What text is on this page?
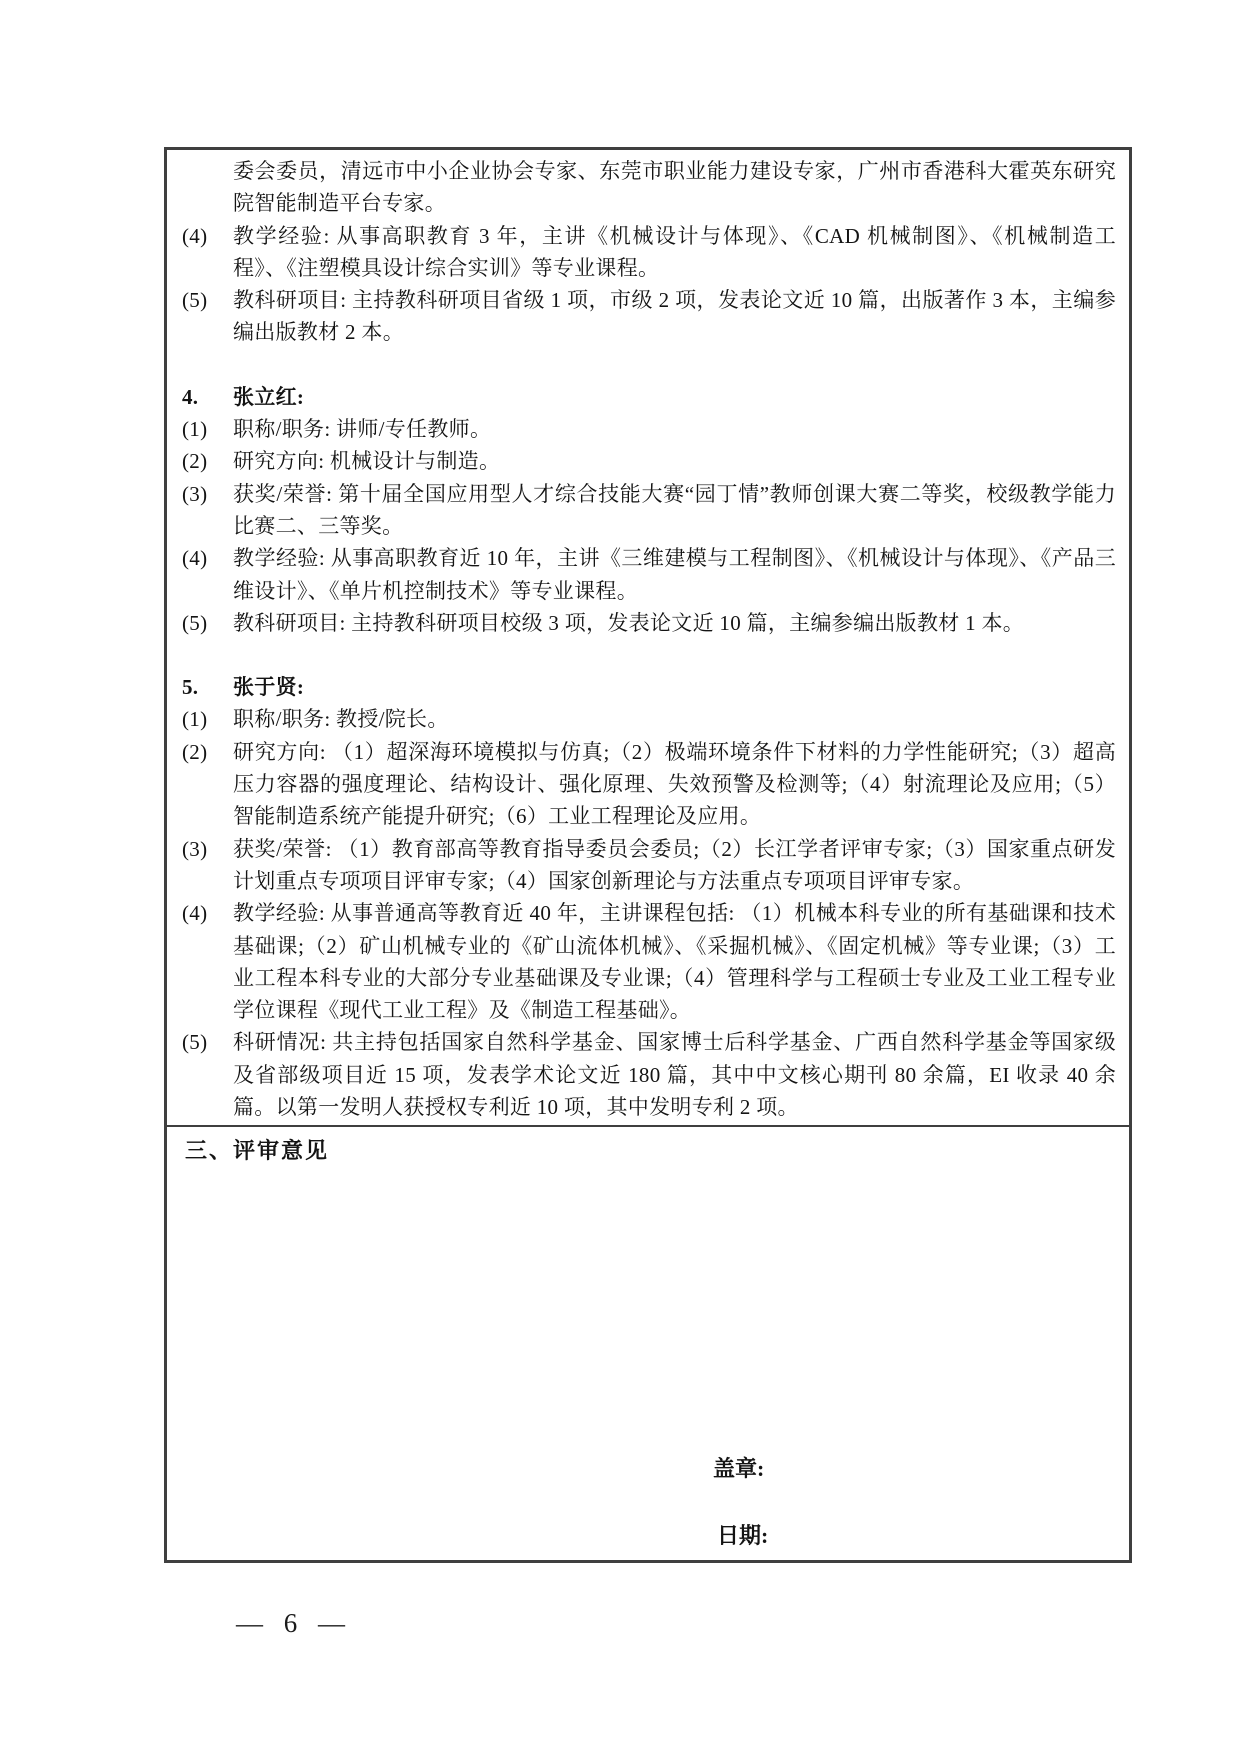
委会委员，清远市中小企业协会专家、东莞市职业能力建设专家，广州市香港科大霍英东研究院智能制造平台专家。
(4)	教学经验: 从事高职教育 3 年，主讲《机械设计与体现》、《CAD 机械制图》、《机械制造工程》、《注塑模具设计综合实训》等专业课程。
(5)	教科研项目: 主持教科研项目省级 1 项，市级 2 项，发表论文近 10 篇，出版著作 3 本，主编参编出版教材 2 本。
4.	张立红:
(1)	职称/职务: 讲师/专任教师。
(2)	研究方向: 机械设计与制造。
(3)	获奖/荣誉: 第十届全国应用型人才综合技能大赛“园丁情”教师创课大赛二等奖，校级教学能力比赛二、三等奖。
(4)	教学经验: 从事高职教育近 10 年，主讲《三维建模与工程制图》、《机械设计与体现》、《产品三维设计》、《单片机控制技术》等专业课程。
(5)	教科研项目: 主持教科研项目校级 3 项，发表论文近 10 篇，主编参编出版教材 1 本。
5.	张于贤:
(1)	职称/职务: 教授/院长。
(2)	研究方向: （1）超深海环境模拟与仿真;（2）极端环境条件下材料的力学性能研究;（3）超高压力容器的强度理论、结构设计、强化原理、失效预警及检测等;（4）射流理论及应用;（5）智能制造系统产能提升研究;（6）工业工程理论及应用。
(3)	获奖/荣誉: （1）教育部高等教育指导委员会委员;（2）长江学者评审专家;（3）国家重点研发计划重点专项项目评审专家;（4）国家创新理论与方法重点专项项目评审专家。
(4)	教学经验: 从事普通高等教育近 40 年，主讲课程包括: （1）机械本科专业的所有基础课和技术基础课;（2）矿山机械专业的《矿山流体机械》、《采掘机械》、《固定机械》等专业课;（3）工业工程本科专业的大部分专业基础课及专业课;（4）管理科学与工程硕士专业及工业工程专业学位课程《现代工业工程》及《制造工程基础》。
(5)	科研情况: 共主持包括国家自然科学基金、国家博士后科学基金、广西自然科学基金等国家级及省部级项目近 15 项，发表学术论文近 180 篇，其中中文核心期刊 80 余篇，EI 收录 40 余篇。以第一发明人获授权专利近 10 项，其中发明专利 2 项。
三、评审意见
盖章:
日期:
— 6 —
